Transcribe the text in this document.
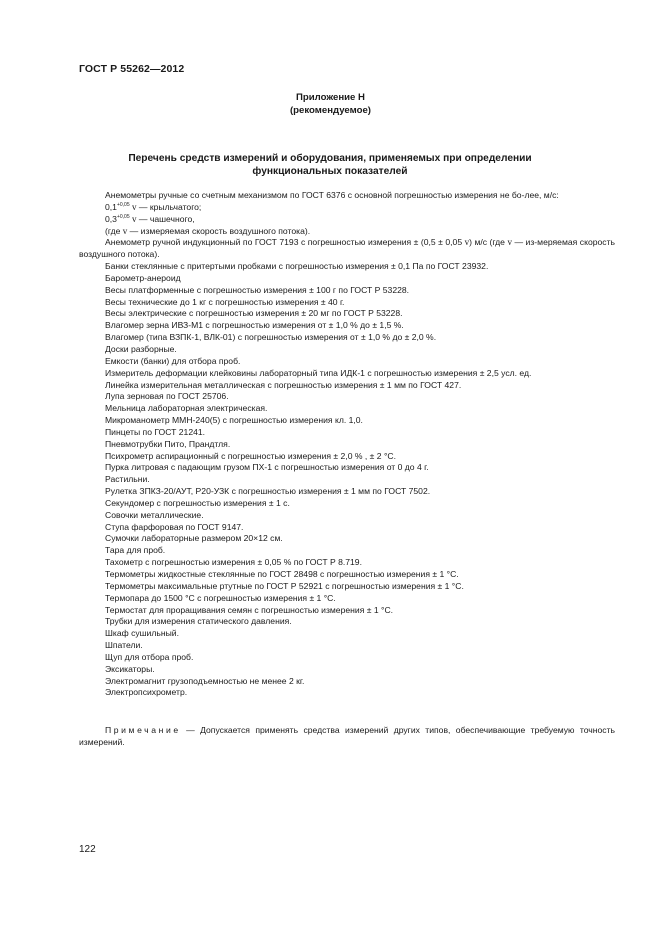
ГОСТ Р 55262—2012
Приложение Н
(рекомендуемое)
Перечень средств измерений и оборудования, применяемых при определении
функциональных показателей

Анемометры ручные со счетным механизмом по ГОСТ 6376 с основной погрешностью измерения не бо-лее, м/с:

$0,1^{+0,05}$ v — крыльчатого;

$0,3^{+0,05}$ v — чашечного,

(где v — измеряемая скорость воздушного потока).

Анемометр ручной индукционный по ГОСТ 7193 с погрешностью измерения ± (0,5 ± 0,05 v) м/с (где v — из-меряемая скорость воздушного потока).

Банки стеклянные с притертыми пробками с погрешностью измерения ± 0,1 Па по ГОСТ 23932.

Барометр-анероид

Весы платформенные с погрешностью измерения ± 100 г по ГОСТ Р 53228.

Весы технические до 1 кг с погрешностью измерения ± 40 г.

Весы электрические с погрешностью измерения ± 20 мг по ГОСТ Р 53228.

Влагомер зерна ИВЗ-М1 с погрешностью измерения от ± 1,0 % до ± 1,5 %.

Влагомер (типа ВЗПК-1, ВЛК-01) с погрешностью измерения от ± 1,0 % до ± 2,0 %.

Доски разборные.

Емкости (банки) для отбора проб.

Измеритель деформации клейковины лабораторный типа ИДК-1 с погрешностью измерения ± 2,5 усл. ед.

Линейка измерительная металлическая с погрешностью измерения ± 1 мм по ГОСТ 427.

Лупа зерновая по ГОСТ 25706.

Мельница лабораторная электрическая.

Микроманометр ММН-240(5) с погрешностью измерения кл. 1,0.

Пинцеты по ГОСТ 21241.

Пневмотрубки Пито, Прандтля.

Психрометр аспирационный с погрешностью измерения ± 2,0 % , ± 2 °С.

Пурка литровая с падающим грузом ПХ-1 с погрешностью измерения от 0 до 4 г.

Растильни.

Рулетка ЗПКЗ-20/АУТ, Р20-УЗК с погрешностью измерения ± 1 мм по ГОСТ 7502.

Секундомер с погрешностью измерения ± 1 с.

Совочки металлические.

Ступа фарфоровая по ГОСТ 9147.

Сумочки лабораторные размером 20×12 см.

Тара для проб.

Тахометр с погрешностью измерения ± 0,05 % по ГОСТ Р 8.719.

Термометры жидкостные стеклянные по ГОСТ 28498 с погрешностью измерения ± 1 °С.

Термометры максимальные ртутные по ГОСТ Р 52921 с погрешностью измерения ± 1 °С.

Термопара до 1500 °С с погрешностью измерения ± 1 °С.

Термостат для проращивания семян с погрешностью измерения ± 1 °С.

Трубки для измерения статического давления.

Шкаф сушильный.

Шпатели.

Щуп для отбора проб.

Эксикаторы.

Электромагнит грузоподъемностью не менее 2 кг.

Электропсихрометр.

Примечание — Допускается применять средства измерений других типов, обеспечивающие требуемую точность измерений.
122
